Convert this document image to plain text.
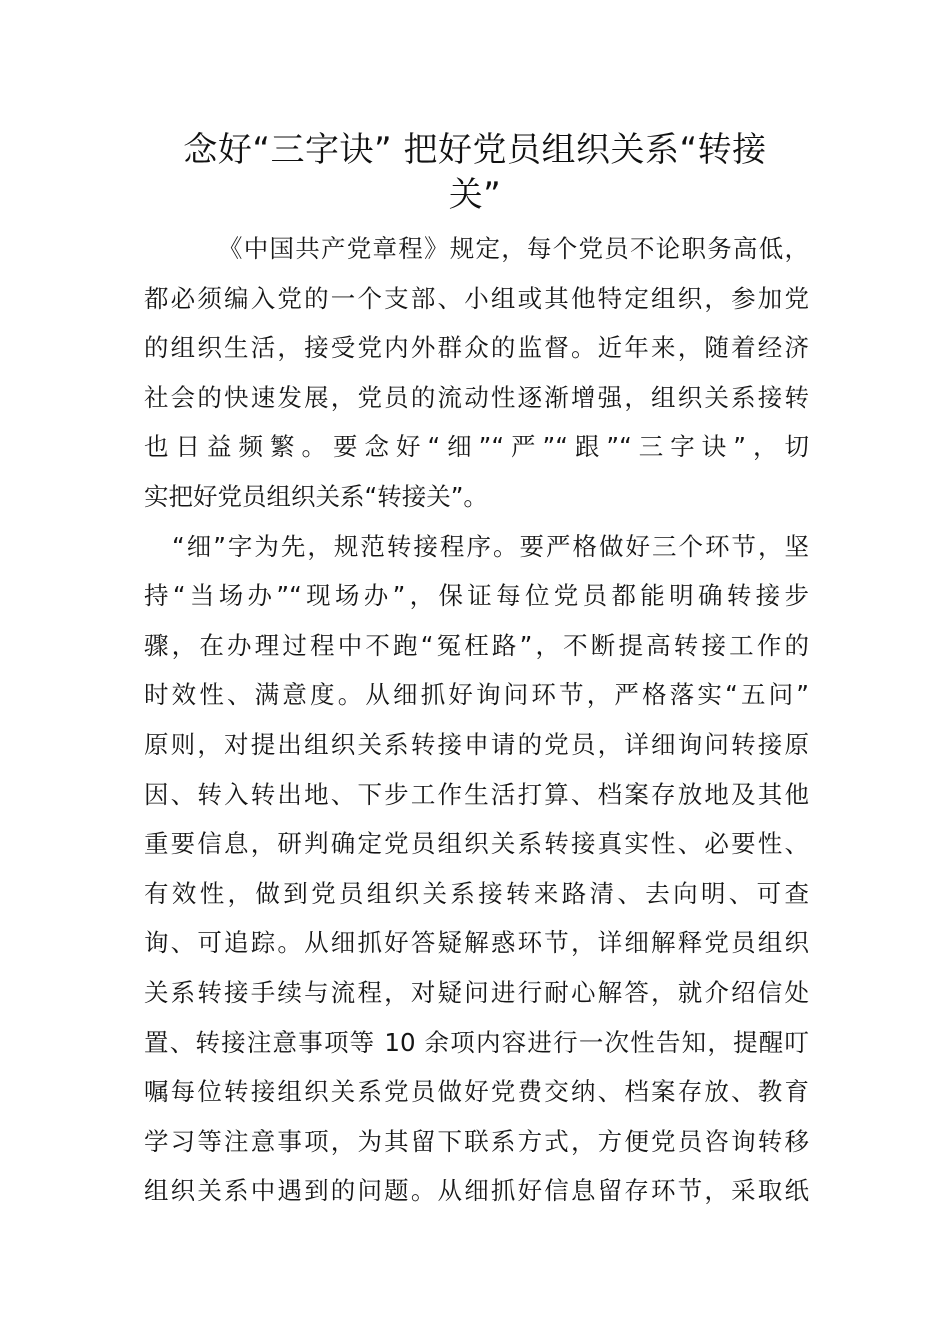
念好“三字诀” 把好党员组织关系“转接
关”
《中国共产党章程》规定，每个党员不论职务高低，
都必须编入党的一个支部、小组或其他特定组织，参加党
的组织生活，接受党内外群众的监督。近年来，随着经济
社会的快速发展，党员的流动性逐渐增强，组织关系接转
也日益频繁。要念好“细”“严”“跟”“三字诀”，切
实把好党员组织关系“转接关”。
“细”字为先，规范转接程序。要严格做好三个环节，坚
持“当场办”“现场办”，保证每位党员都能明确转接步
骤，在办理过程中不跑“冤枉路”，不断提高转接工作的
时效性、满意度。从细抓好询问环节，严格落实“五问”
原则，对提出组织关系转接申请的党员，详细询问转接原
因、转入转出地、下步工作生活打算、档案存放地及其他
重要信息，研判确定党员组织关系转接真实性、必要性、
有效性，做到党员组织关系接转来路清、去向明、可查
询、可追踪。从细抓好答疑解惑环节，详细解释党员组织
关系转接手续与流程，对疑问进行耐心解答，就介绍信处
置、转接注意事项等 10 余项内容进行一次性告知，提醒叮
嘱每位转接组织关系党员做好党费交纳、档案存放、教育
学习等注意事项，为其留下联系方式，方便党员咨询转移
组织关系中遇到的问题。从细抓好信息留存环节，采取纸
